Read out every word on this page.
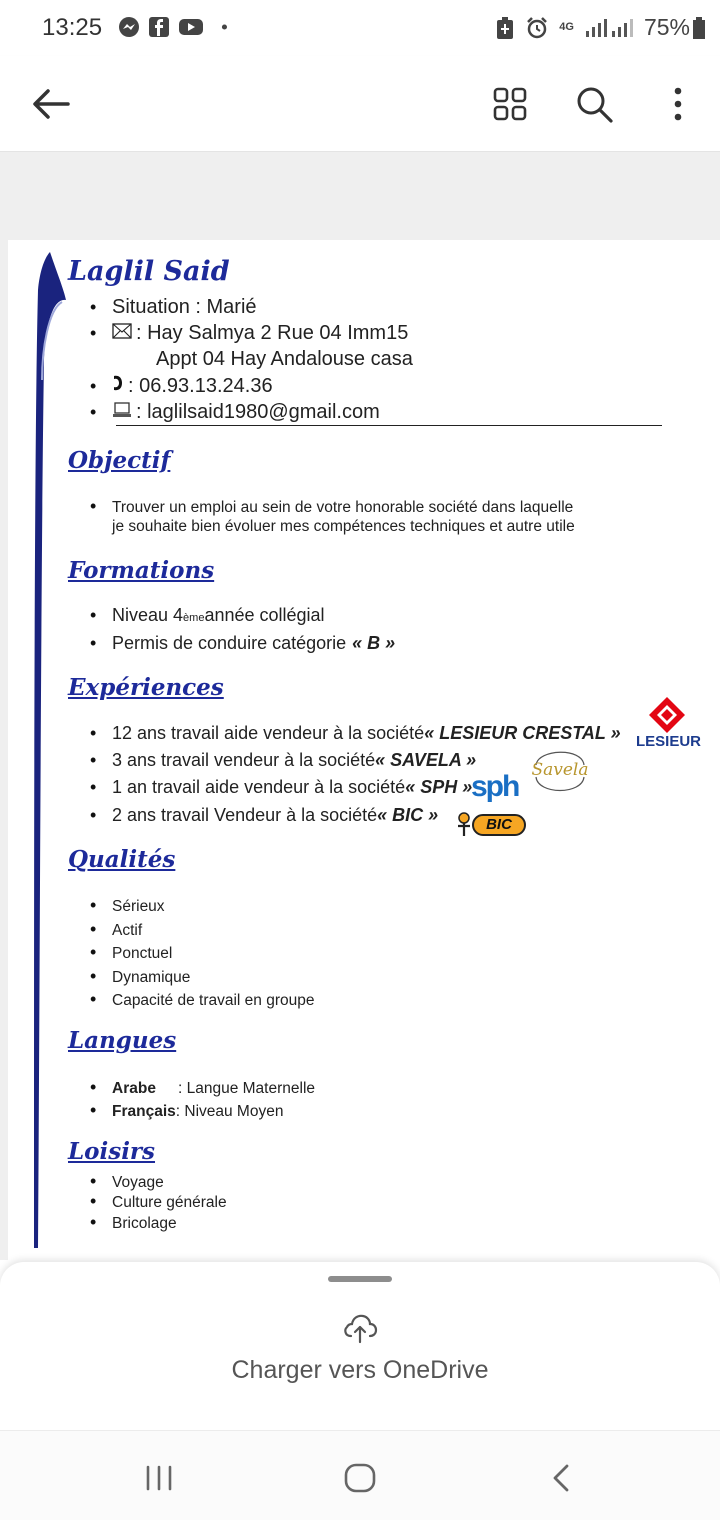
13:25	4G	75%
Laglil Said
• Situation : Marié
•	: Hay Salmya 2 Rue 04 Imm15
Appt 04 Hay Andalouse casa
•	: 06.93.13.24.36
•	: laglilsaid1980@gmail.com
Objectif
•	Trouver un emploi au sein de votre honorable société dans laquelle
je souhaite bien évoluer mes compétences techniques et autre utile
Formations
• Niveau 4 ème année collégial
• Permis de conduire catégorie « B »
Expériences
• 12 ans travail aide vendeur à la société « LESIEUR CRESTAL »
• 3 ans travail vendeur à la société « SAVELA »
• 1 an travail aide vendeur à la société « SPH »
• 2 ans travail Vendeur à la société « BIC »
LESIEUR
Savela
sph
BIC
Qualités
•	Sérieux
•	Actif
•	Ponctuel
•	Dynamique
•	Capacité de travail en groupe
Langues
•	Arabe	: Langue Maternelle
•	Français : Niveau Moyen
Loisirs
•	Voyage
•	Culture générale
•	Bricolage
Charger vers OneDrive
